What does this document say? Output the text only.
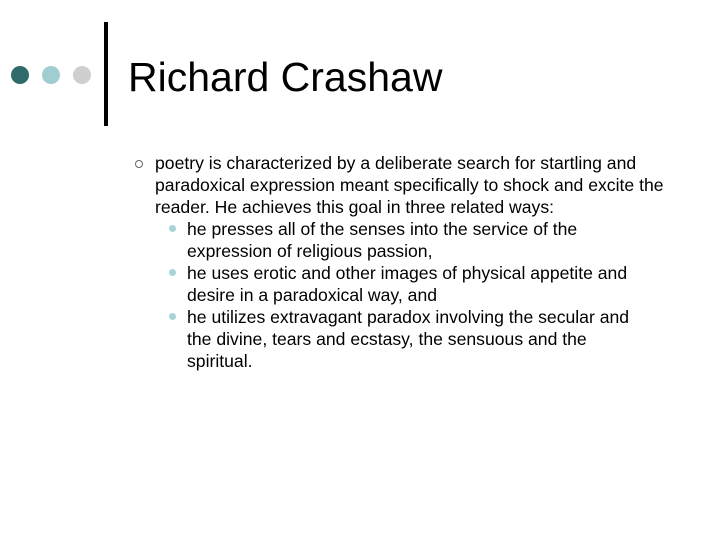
Richard Crashaw

poetry is characterized by a deliberate search for startling and paradoxical expression meant specifically to shock and excite the reader. He achieves this goal in three related ways:

he presses all of the senses into the service of the expression of religious passion,
he uses erotic and other images of physical appetite and desire in a paradoxical way, and
he utilizes extravagant paradox involving the secular and the divine, tears and ecstasy, the sensuous and the spiritual.
